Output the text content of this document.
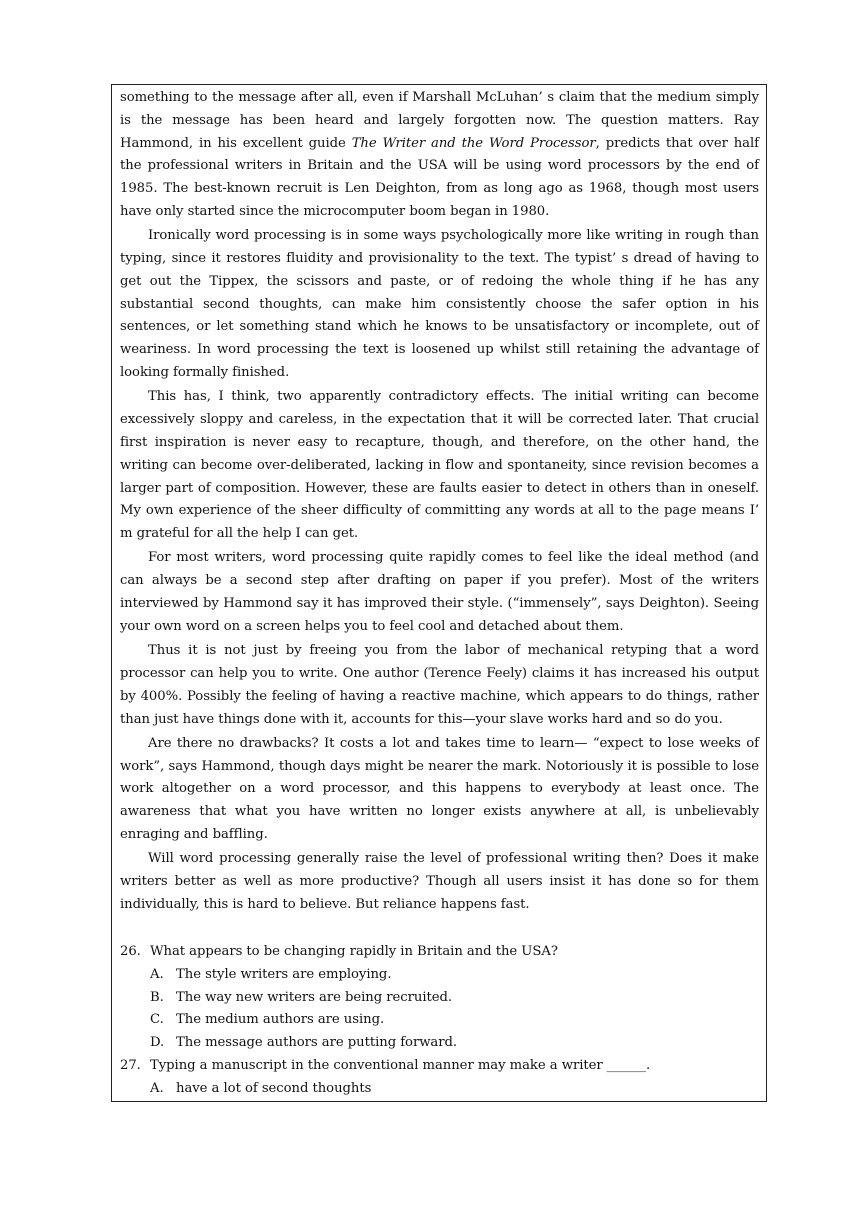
something to the message after all, even if Marshall McLuhan’ s claim that the medium simply is the message has been heard and largely forgotten now. The question matters. Ray Hammond, in his excellent guide The Writer and the Word Processor, predicts that over half the professional writers in Britain and the USA will be using word processors by the end of 1985. The best-known recruit is Len Deighton, from as long ago as 1968, though most users have only started since the microcomputer boom began in 1980.

Ironically word processing is in some ways psychologically more like writing in rough than typing, since it restores fluidity and provisionality to the text. The typist’ s dread of having to get out the Tippex, the scissors and paste, or of redoing the whole thing if he has any substantial second thoughts, can make him consistently choose the safer option in his sentences, or let something stand which he knows to be unsatisfactory or incomplete, out of weariness. In word processing the text is loosened up whilst still retaining the advantage of looking formally finished.

This has, I think, two apparently contradictory effects. The initial writing can become excessively sloppy and careless, in the expectation that it will be corrected later. That crucial first inspiration is never easy to recapture, though, and therefore, on the other hand, the writing can become over-deliberated, lacking in flow and spontaneity, since revision becomes a larger part of composition. However, these are faults easier to detect in others than in oneself. My own experience of the sheer difficulty of committing any words at all to the page means I’ m grateful for all the help I can get.

For most writers, word processing quite rapidly comes to feel like the ideal method (and can always be a second step after drafting on paper if you prefer). Most of the writers interviewed by Hammond say it has improved their style. (“immensely”, says Deighton). Seeing your own word on a screen helps you to feel cool and detached about them.

Thus it is not just by freeing you from the labor of mechanical retyping that a word processor can help you to write. One author (Terence Feely) claims it has increased his output by 400%. Possibly the feeling of having a reactive machine, which appears to do things, rather than just have things done with it, accounts for this—your slave works hard and so do you.

Are there no drawbacks? It costs a lot and takes time to learn— “expect to lose weeks of work”, says Hammond, though days might be nearer the mark. Notoriously it is possible to lose work altogether on a word processor, and this happens to everybody at least once. The awareness that what you have written no longer exists anywhere at all, is unbelievably enraging and baffling.

Will word processing generally raise the level of professional writing then? Does it make writers better as well as more productive? Though all users insist it has done so for them individually, this is hard to believe. But reliance happens fast.

26. What appears to be changing rapidly in Britain and the USA?

A. The style writers are employing.

B. The way new writers are being recruited.

C. The medium authors are using.

D. The message authors are putting forward.

27. Typing a manuscript in the conventional manner may make a writer ______.

A. have a lot of second thoughts
